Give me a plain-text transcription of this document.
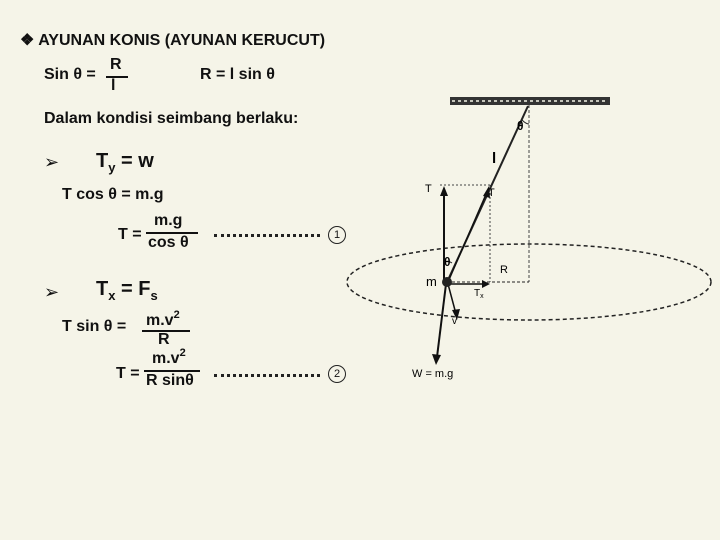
❖ AYUNAN KONIS (AYUNAN KERUCUT)
Sin θ =
R
l
R = l sin θ
Dalam kondisi seimbang berlaku:
➢ $T_y = w$
T cos θ = m.g
T =
m.g
cos θ	1
➢ $T_x = F_s$
T $\sin \theta = m.v^2$
R
T =
$m.v^2$
R sinθ	2
θ
l
T	T
θ
m
R
$T_x$
v
W = m.g
